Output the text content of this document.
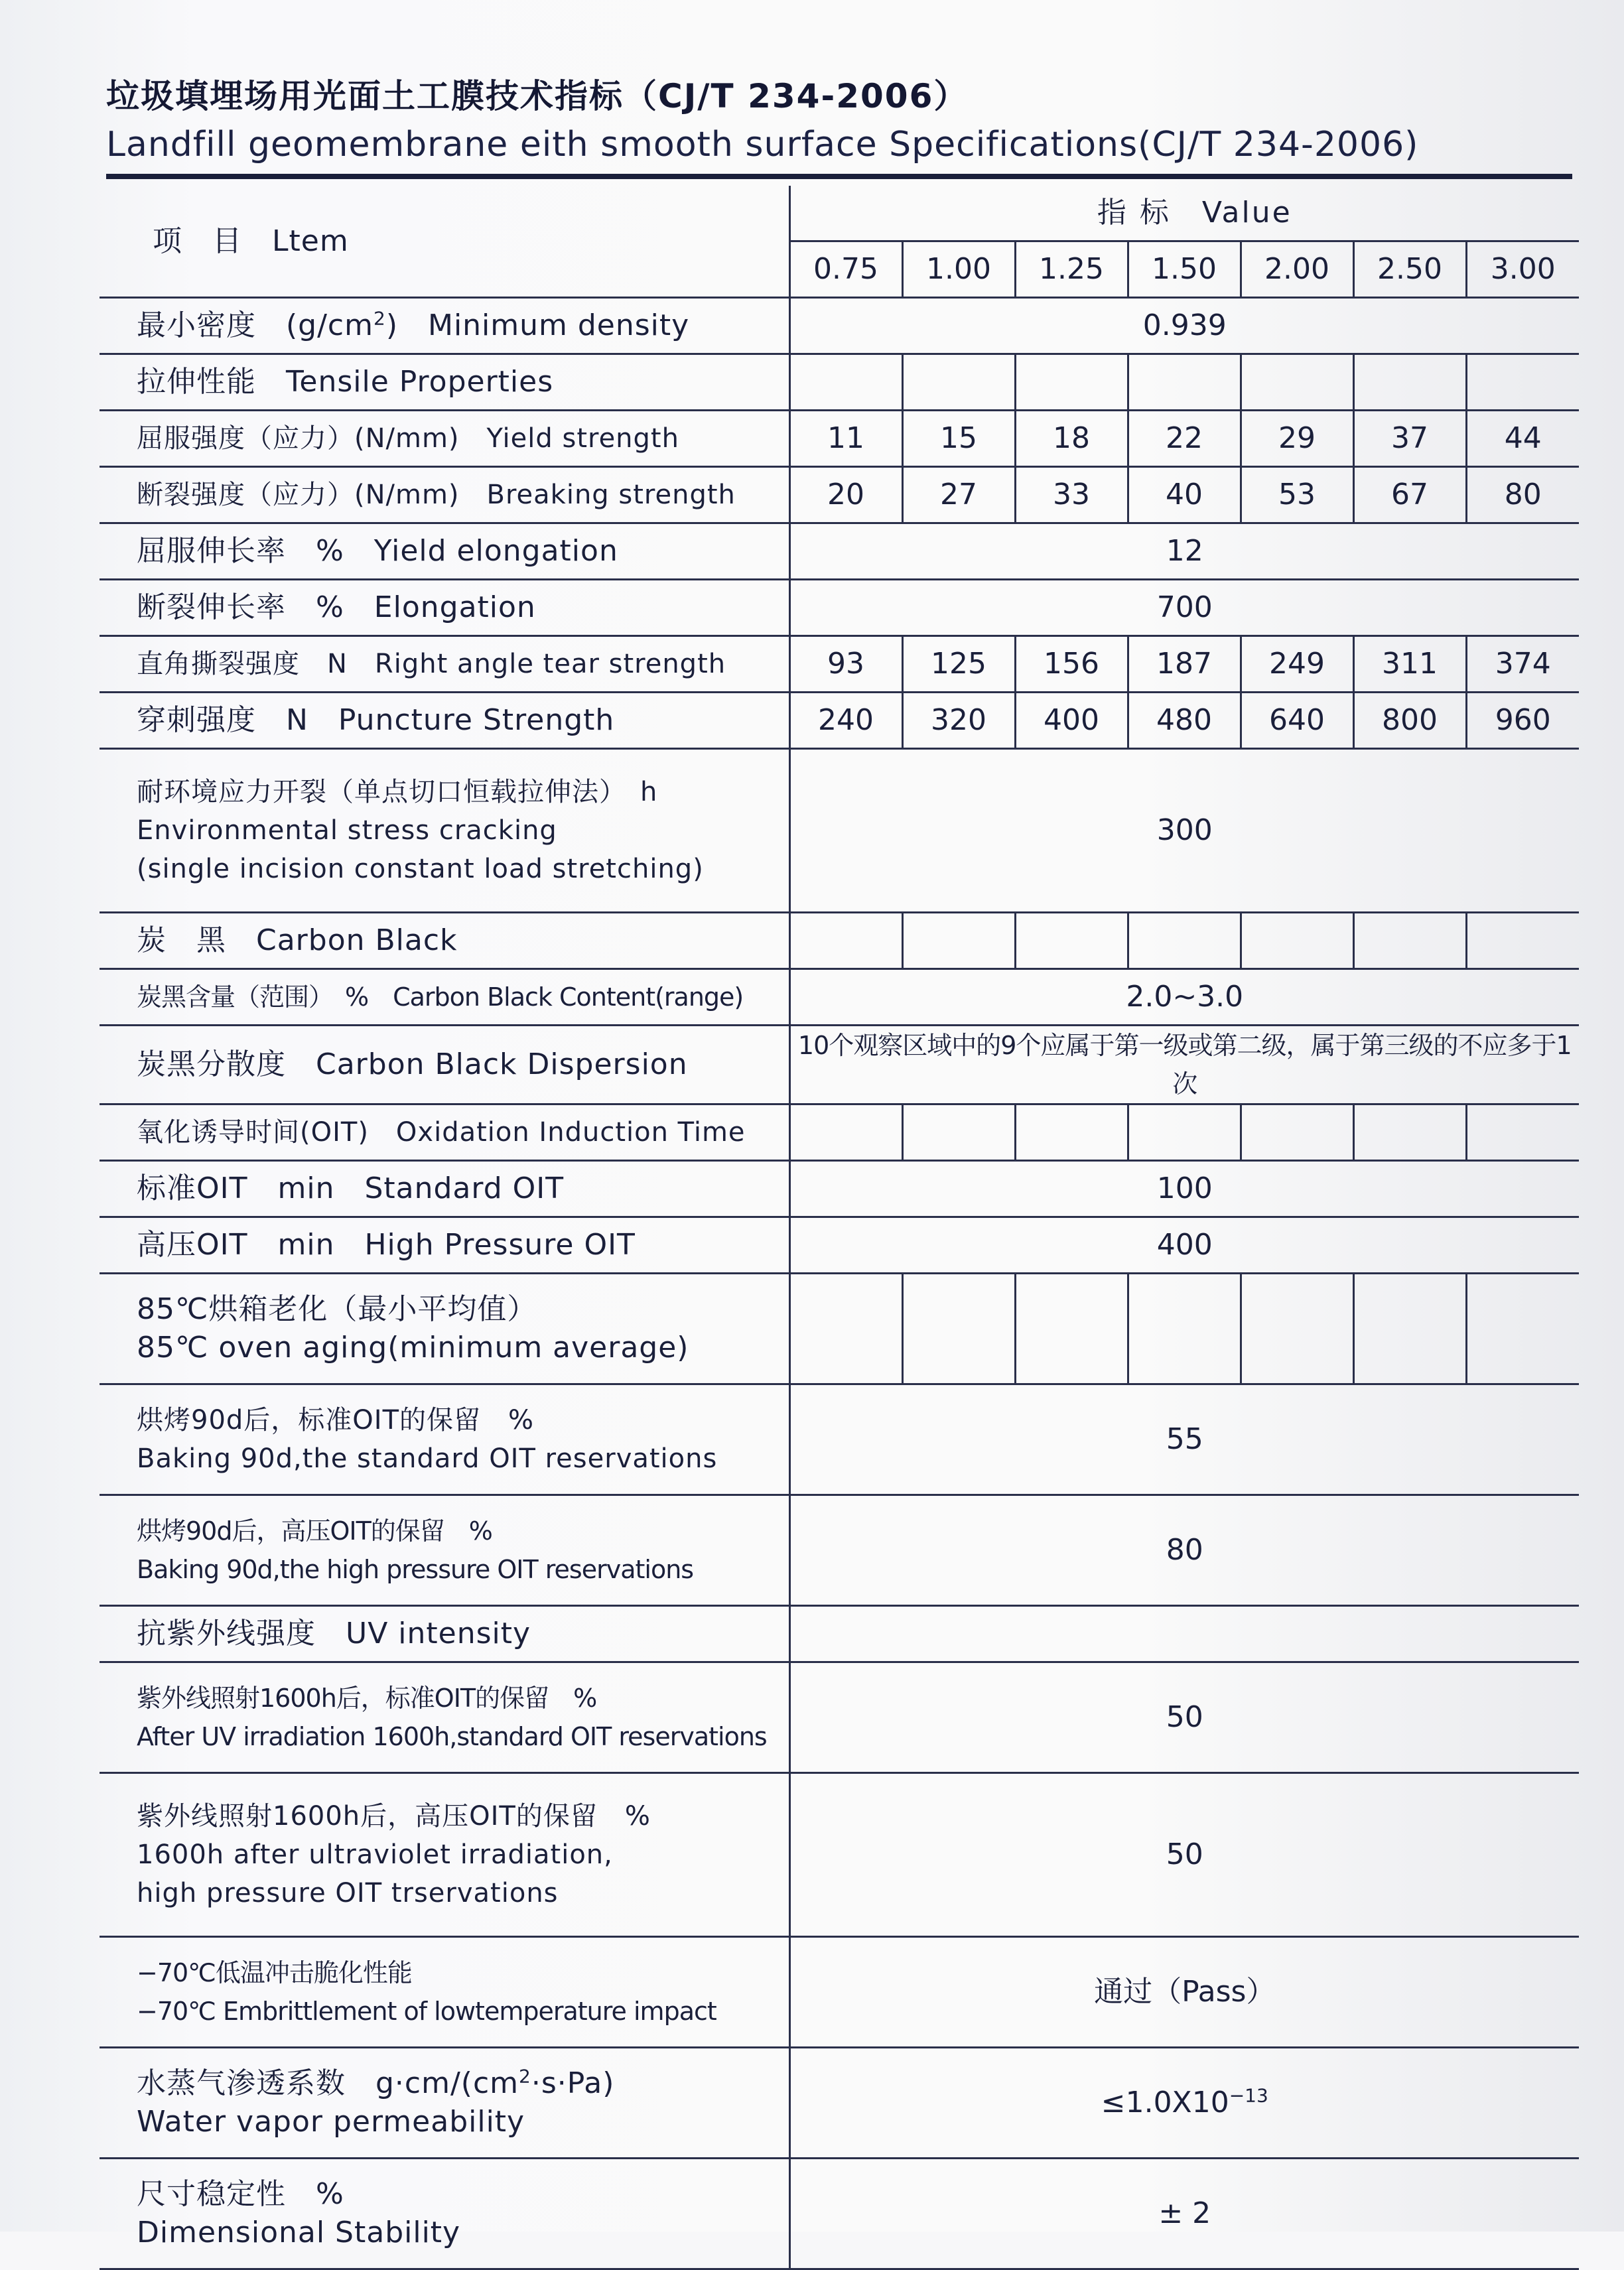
垃圾填埋场用光面土工膜技术指标（CJ/T 234-2006）

Landfill geomembrane eith smooth surface Specifications(CJ/T 234-2006)

项　目　Ltem	指 标　Value						
	0.75	1.00	1.25	1.50	2.00	2.50	3.00
最小密度　$(g/cm^2)$　Minimum density	0.939						
拉伸性能　Tensile Properties							
屈服强度（应力）(N/mm)　Yield strength	11	15	18	22	29	37	44
断裂强度（应力）(N/mm)　Breaking strength	20	27	33	40	53	67	80
屈服伸长率　%　Yield elongation	12						
断裂伸长率　%　Elongation	700						
直角撕裂强度　N　Right angle tear strength	93	125	156	187	249	311	374
穿刺强度　N　Puncture Strength	240	320	400	480	640	800	960

耐环境应力开裂（单点切口恒载拉伸法）　h
Environmental stress cracking
(single incision constant load stretching)	300						
炭　黑　Carbon Black							
炭黑含量（范围）　%　Carbon Black Content(range)	2.0~3.0						
炭黑分散度　Carbon Black Dispersion	10个观察区域中的9个应属于第一级或第二级，属于第三级的不应多于1次						
氧化诱导时间(OIT)　Oxidation Induction Time							
标准OIT　min　Standard OIT	100						
高压OIT　min　High Pressure OIT	400						

85℃烘箱老化（最小平均值）
85℃ oven aging(minimum average)							

烘烤90d后，标准OIT的保留　%
Baking 90d,the standard OIT reservations	55						

烘烤90d后，高压OIT的保留　%
Baking 90d,the high pressure OIT reservations	80						
抗紫外线强度　UV intensity							

紫外线照射1600h后，标准OIT的保留　%
After UV irradiation 1600h,standard OIT reservations	50						

紫外线照射1600h后，高压OIT的保留　%
1600h after ultraviolet irradiation,
high pressure OIT trservations	50						

−70℃低温冲击脆化性能
−70℃ Embrittlement of lowtemperature impact	通过（Pass）						

水蒸气渗透系数　$g\cdot cm/(cm^2\cdot s\cdot Pa)$
Water vapor permeability	$\le 1.0X10^{-13}$

尺寸稳定性　%
Dimensional Stability	± 2						
